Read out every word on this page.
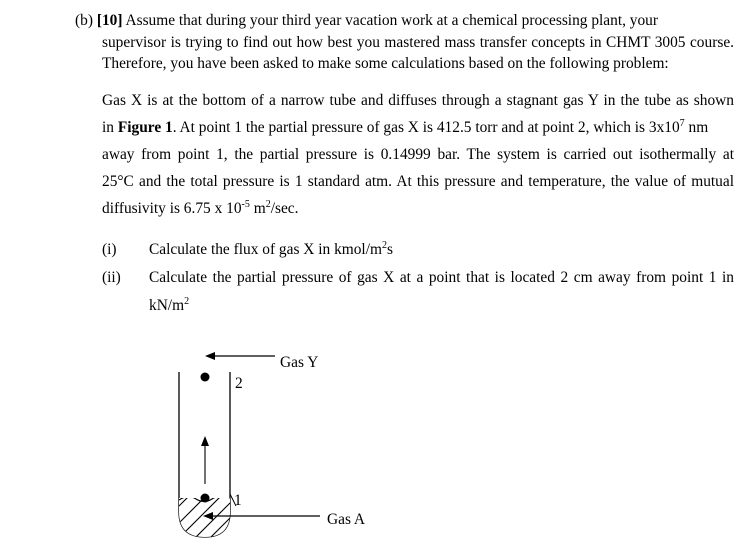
(b) [10] Assume that during your third year vacation work at a chemical processing plant, your
supervisor is trying to find out how best you mastered mass transfer concepts in CHMT 3005 course.
Therefore, you have been asked to make some calculations based on the following problem:
Gas X is at the bottom of a narrow tube and diffuses through a stagnant gas Y in the tube as shown
in Figure 1. At point 1 the partial pressure of gas X is 412.5 torr and at point 2, which is $3x10^7$ nm
away from point 1, the partial pressure is 0.14999 bar. The system is carried out isothermally at
25°C and the total pressure is 1 standard atm. At this pressure and temperature, the value of mutual
diffusivity is 6.75 x $10^{-5}$ $m^2/\sec$.
(i) Calculate the flux of gas X in kmol/$m^2s$
(ii) Calculate the partial pressure of gas X at a point that is located 2 cm away from point 1 in
$kN/m^2$
Gas Y
2
1
Gas A
